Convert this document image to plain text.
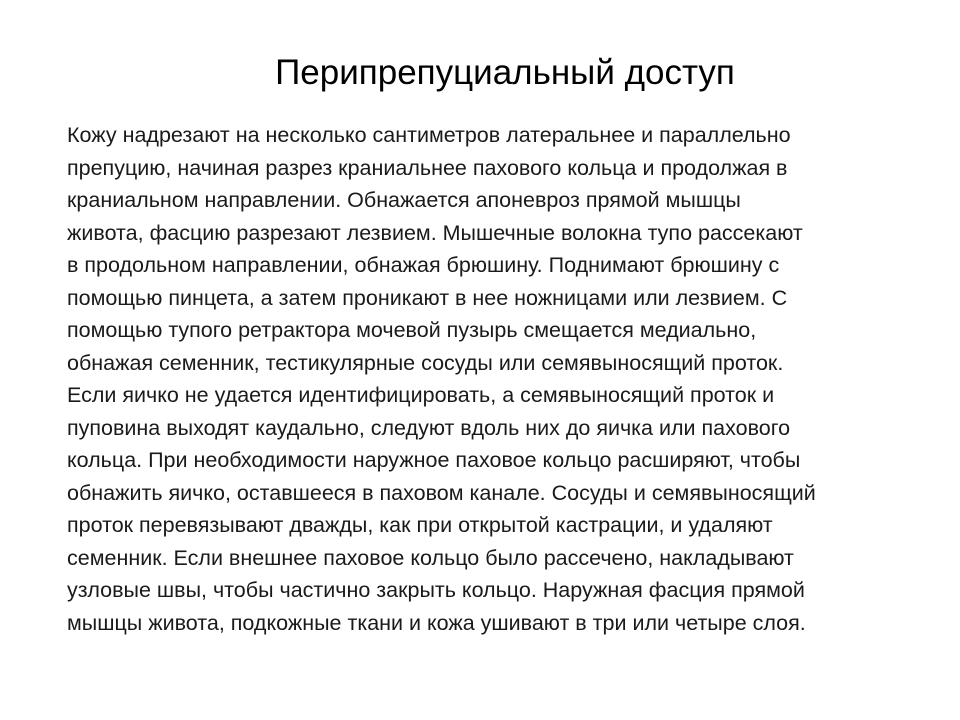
Перипрепуциальный доступ
Кожу надрезают на несколько сантиметров латеральнее и параллельно
препуцию, начиная разрез краниальнее пахового кольца и продолжая в
краниальном направлении. Обнажается апоневроз прямой мышцы
живота, фасцию разрезают лезвием. Мышечные волокна тупо рассекают
в продольном направлении, обнажая брюшину. Поднимают брюшину с
помощью пинцета, а затем проникают в нее ножницами или лезвием. С
помощью тупого ретрактора мочевой пузырь смещается медиально,
обнажая семенник, тестикулярные сосуды или семявыносящий проток.
Если яичко не удается идентифицировать, а семявыносящий проток и
пуповина выходят каудально, следуют вдоль них до яичка или пахового
кольца. При необходимости наружное паховое кольцо расширяют, чтобы
обнажить яичко, оставшееся в паховом канале. Сосуды и семявыносящий
проток перевязывают дважды, как при открытой кастрации, и удаляют
семенник. Если внешнее паховое кольцо было рассечено, накладывают
узловые швы, чтобы частично закрыть кольцо. Наружная фасция прямой
мышцы живота, подкожные ткани и кожа ушивают в три или четыре слоя.
